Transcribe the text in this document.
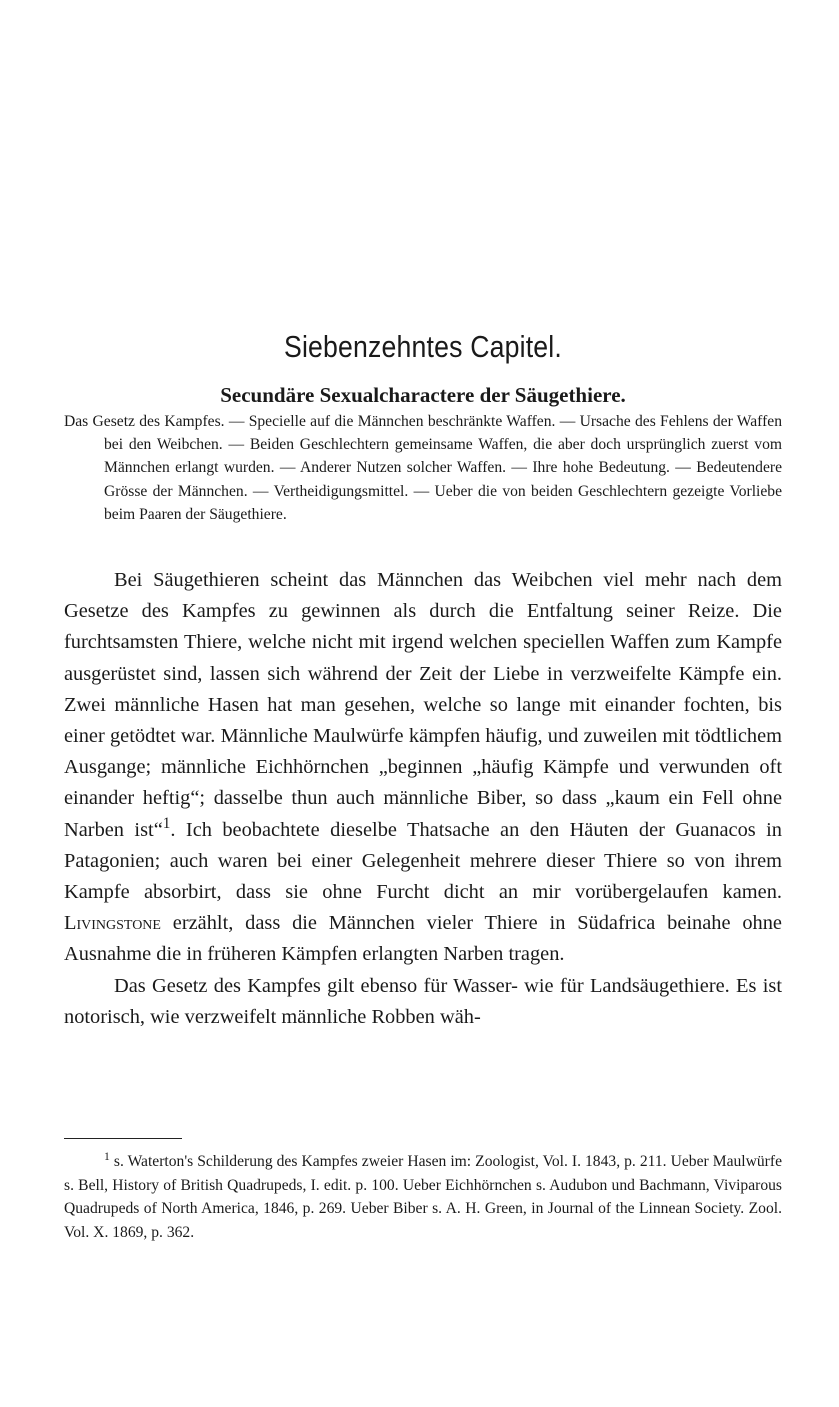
Siebenzehntes Capitel.
Secundäre Sexualcharactere der Säugethiere.
Das Gesetz des Kampfes. — Specielle auf die Männchen beschränkte Waffen. — Ursache des Fehlens der Waffen bei den Weibchen. — Beiden Geschlechtern gemeinsame Waffen, die aber doch ursprünglich zuerst vom Männchen erlangt wurden. — Anderer Nutzen solcher Waffen. — Ihre hohe Bedeutung. — Bedeutendere Grösse der Männchen. — Vertheidigungsmittel. — Ueber die von beiden Geschlechtern gezeigte Vorliebe beim Paaren der Säugethiere.

Bei Säugethieren scheint das Männchen das Weibchen viel mehr nach dem Gesetze des Kampfes zu gewinnen als durch die Entfaltung seiner Reize. Die furchtsamsten Thiere, welche nicht mit irgend welchen speciellen Waffen zum Kampfe ausgerüstet sind, lassen sich während der Zeit der Liebe in verzweifelte Kämpfe ein. Zwei männliche Hasen hat man gesehen, welche so lange mit einander fochten, bis einer getödtet war. Männliche Maulwürfe kämpfen häufig, und zuweilen mit tödtlichem Ausgange; männliche Eichhörnchen „beginnen „häufig Kämpfe und verwunden oft einander heftig“; dasselbe thun auch männliche Biber, so dass „kaum ein Fell ohne Narben ist“$^1$. Ich beobachtete dieselbe Thatsache an den Häuten der Guanacos in Patagonien; auch waren bei einer Gelegenheit mehrere dieser Thiere so von ihrem Kampfe absorbirt, dass sie ohne Furcht dicht an mir vorübergelaufen kamen. Livingstone erzählt, dass die Männchen vieler Thiere in Südafrica beinahe ohne Ausnahme die in früheren Kämpfen erlangten Narben tragen.

Das Gesetz des Kampfes gilt ebenso für Wasser- wie für Landsäugethiere. Es ist notorisch, wie verzweifelt männliche Robben wäh-

$^1$ s. Waterton's Schilderung des Kampfes zweier Hasen im: Zoologist, Vol. I. 1843, p. 211. Ueber Maulwürfe s. Bell, History of British Quadrupeds, I. edit. p. 100. Ueber Eichhörnchen s. Audubon und Bachmann, Viviparous Quadrupeds of North America, 1846, p. 269. Ueber Biber s. A. H. Green, in Journal of the Linnean Society. Zool. Vol. X. 1869, p. 362.
